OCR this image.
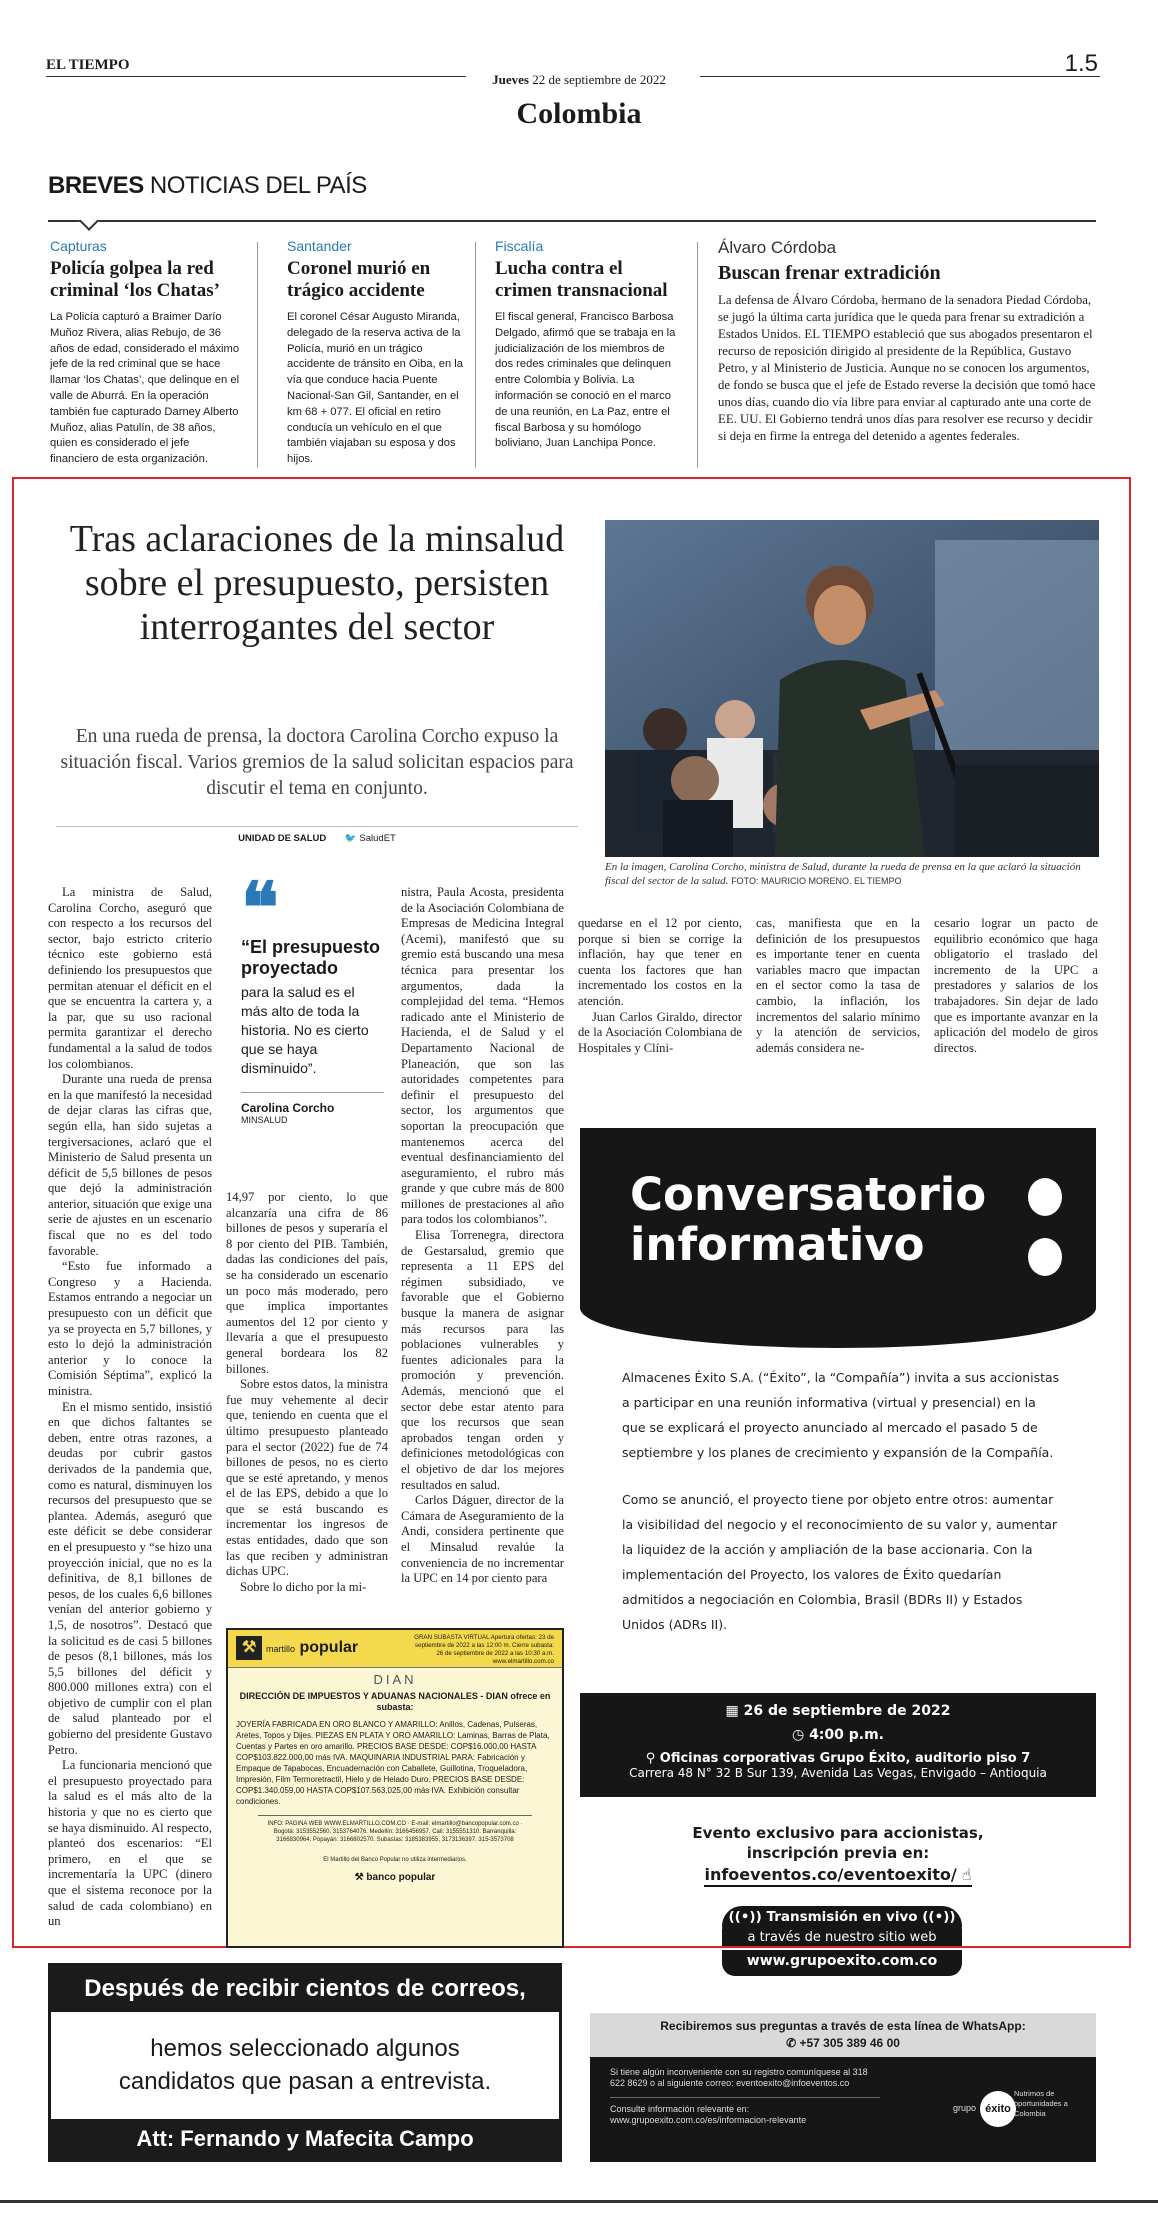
EL TIEMPO
Jueves 22 de septiembre de 2022
1.5
Colombia
BREVES NOTICIAS DEL PAÍS
Capturas
Policía golpea la red criminal ‘los Chatas’
La Policía capturó a Braimer Darío Muñoz Rivera, alias Rebujo, de 36 años de edad, considerado el máximo jefe de la red criminal que se hace llamar ‘los Chatas’, que delinque en el valle de Aburrá. En la operación también fue capturado Darney Alberto Muñoz, alias Patulín, de 38 años, quien es considerado el jefe financiero de esta organización.
Santander
Coronel murió en trágico accidente
El coronel César Augusto Miranda, delegado de la reserva activa de la Policía, murió en un trágico accidente de tránsito en Oiba, en la vía que conduce hacia Puente Nacional-San Gil, Santander, en el km 68 + 077. El oficial en retiro conducía un vehículo en el que también viajaban su esposa y dos hijos.
Fiscalía
Lucha contra el crimen transnacional
El fiscal general, Francisco Barbosa Delgado, afirmó que se trabaja en la judicialización de los miembros de dos redes criminales que delinquen entre Colombia y Bolivia. La información se conoció en el marco de una reunión, en La Paz, entre el fiscal Barbosa y su homólogo boliviano, Juan Lanchipa Ponce.
Álvaro Córdoba
Buscan frenar extradición
La defensa de Álvaro Córdoba, hermano de la senadora Piedad Córdoba, se jugó la última carta jurídica que le queda para frenar su extradición a Estados Unidos. EL TIEMPO estableció que sus abogados presentaron el recurso de reposición dirigido al presidente de la República, Gustavo Petro, y al Ministerio de Justicia. Aunque no se conocen los argumentos, de fondo se busca que el jefe de Estado reverse la decisión que tomó hace unos días, cuando dio vía libre para enviar al capturado ante una corte de EE. UU. El Gobierno tendrá unos días para resolver ese recurso y decidir si deja en firme la entrega del detenido a agentes federales.
Tras aclaraciones de la minsalud sobre el presupuesto, persisten interrogantes del sector
En una rueda de prensa, la doctora Carolina Corcho expuso la situación fiscal. Varios gremios de la salud solicitan espacios para discutir el tema en conjunto.
UNIDAD DE SALUD 🐦 SaludET
En la imagen, Carolina Corcho, ministra de Salud, durante la rueda de prensa en la que aclaró la situación fiscal del sector de la salud. FOTO: MAURICIO MORENO. EL TIEMPO

La ministra de Salud, Carolina Corcho, aseguró que con respecto a los recursos del sector, bajo estricto criterio técnico este gobierno está definiendo los presupuestos que permitan atenuar el déficit en el que se encuentra la cartera y, a la par, que su uso racional permita garantizar el derecho fundamental a la salud de todos los colombianos.

Durante una rueda de prensa en la que manifestó la necesidad de dejar claras las cifras que, según ella, han sido sujetas a tergiversaciones, aclaró que el Ministerio de Salud presenta un déficit de 5,5 billones de pesos que dejó la administración anterior, situación que exige una serie de ajustes en un escenario fiscal que no es del todo favorable.

“Esto fue informado a Congreso y a Hacienda. Estamos entrando a negociar un presupuesto con un déficit que ya se proyecta en 5,7 billones, y esto lo dejó la administración anterior y lo conoce la Comisión Séptima”, explicó la ministra.

En el mismo sentido, insistió en que dichos faltantes se deben, entre otras razones, a deudas por cubrir gastos derivados de la pandemia que, como es natural, disminuyen los recursos del presupuesto que se plantea. Además, aseguró que este déficit se debe considerar en el presupuesto y “se hizo una proyección inicial, que no es la definitiva, de 8,1 billones de pesos, de los cuales 6,6 billones venían del anterior gobierno y 1,5, de nosotros”. Destacó que la solicitud es de casi 5 billones de pesos (8,1 billones, más los 5,5 billones del déficit y 800.000 millones extra) con el objetivo de cumplir con el plan de salud planteado por el gobierno del presidente Gustavo Petro.

La funcionaria mencionó que el presupuesto proyectado para la salud es el más alto de la historia y que no es cierto que se haya disminuido. Al respecto, planteó dos escenarios: “El primero, en el que se incrementaría la UPC (dinero que el sistema reconoce por la salud de cada colombiano) en un

❝
“El presupuesto proyectado
para la salud es el más alto de toda la historia. No es cierto que se haya disminuido”.
Carolina Corcho
MINSALUD

14,97 por ciento, lo que alcanzaría una cifra de 86 billones de pesos y superaría el 8 por ciento del PIB. También, dadas las condiciones del país, se ha considerado un escenario un poco más moderado, pero que implica importantes aumentos del 12 por ciento y llevaría a que el presupuesto general bordeara los 82 billones.

Sobre estos datos, la ministra fue muy vehemente al decir que, teniendo en cuenta que el último presupuesto planteado para el sector (2022) fue de 74 billones de pesos, no es cierto que se esté apretando, y menos el de las EPS, debido a que lo que se está buscando es incrementar los ingresos de estas entidades, dado que son las que reciben y administran dichas UPC.

Sobre lo dicho por la mi-

nistra, Paula Acosta, presidenta de la Asociación Colombiana de Empresas de Medicina Integral (Acemi), manifestó que su gremio está buscando una mesa técnica para presentar los argumentos, dada la complejidad del tema. “Hemos radicado ante el Ministerio de Hacienda, el de Salud y el Departamento Nacional de Planeación, que son las autoridades competentes para definir el presupuesto del sector, los argumentos que soportan la preocupación que mantenemos acerca del eventual desfinanciamiento del aseguramiento, el rubro más grande y que cubre más de 800 millones de prestaciones al año para todos los colombianos”.

Elisa Torrenegra, directora de Gestarsalud, gremio que representa a 11 EPS del régimen subsidiado, ve favorable que el Gobierno busque la manera de asignar más recursos para las poblaciones vulnerables y fuentes adicionales para la promoción y prevención. Además, mencionó que el sector debe estar atento para que los recursos que sean aprobados tengan orden y definiciones metodológicas con el objetivo de dar los mejores resultados en salud.

Carlos Dáguer, director de la Cámara de Aseguramiento de la Andi, considera pertinente que el Minsalud revalúe la conveniencia de no incrementar la UPC en 14 por ciento para

quedarse en el 12 por ciento, porque si bien se corrige la inflación, hay que tener en cuenta los factores que han incrementado los costos en la atención.

Juan Carlos Giraldo, director de la Asociación Colombiana de Hospitales y Clíni-

cas, manifiesta que en la definición de los presupuestos es importante tener en cuenta variables macro que impactan en el sector como la tasa de cambio, la inflación, los incrementos del salario mínimo y la atención de servicios, además considera ne-

cesario lograr un pacto de equilibrio económico que haga obligatorio el traslado del incremento de la UPC a prestadores y salarios de los trabajadores. Sin dejar de lado que es importante avanzar en la aplicación del modelo de giros directos.

⚒ martillo popular
GRAN SUBASTA VIRTUAL Apertura ofertas: 23 de septiembre de 2022 a las 12:00 m. Cierre subasta: 26 de septiembre de 2022 a las 10:30 a.m. www.elmartillo.com.co
DIAN
DIRECCIÓN DE IMPUESTOS Y ADUANAS NACIONALES - DIAN ofrece en subasta:
JOYERÍA FABRICADA EN ORO BLANCO Y AMARILLO: Anillos, Cadenas, Pulseras, Aretes, Topos y Dijes. PIEZAS EN PLATA Y ORO AMARILLO: Laminas, Barras de Plata, Cuentas y Partes en oro amarillo. PRECIOS BASE DESDE: COP$16.000,00 HASTA COP$103.822.000,00 más IVA. MAQUINARIA INDUSTRIAL PARA: Fabricación y Empaque de Tapabocas, Encuadernación con Caballete, Guillotina, Troqueladora, Impresión, Film Termoretractil, Hielo y de Helado Duro. PRECIOS BASE DESDE: COP$1.340.059,00 HASTA COP$107.563.025,00 más IVA. Exhibición consultar condiciones.
INFO: PAGINA WEB WWW.ELMARTILLO.COM.CO · E-mail: elmartillo@bancopopular.com.co · Bogotá: 3153552560, 3153764076. Medellín: 3166456957. Cali: 3155551310. Barranquilla: 3166830964. Popayán: 3166802570. Subastas: 3185383955, 3173136397. 315-3573708
El Martillo del Banco Popular no utiliza intermediarios.
⚒ banco popular
Conversatorio informativo
Almacenes Éxito S.A. (“Éxito”, la “Compañía”) invita a sus accionistas a participar en una reunión informativa (virtual y presencial) en la que se explicará el proyecto anunciado al mercado el pasado 5 de septiembre y los planes de crecimiento y expansión de la Compañía.
Como se anunció, el proyecto tiene por objeto entre otros: aumentar la visibilidad del negocio y el reconocimiento de su valor y, aumentar la liquidez de la acción y ampliación de la base accionaria. Con la implementación del Proyecto, los valores de Éxito quedarían admitidos a negociación en Colombia, Brasil (BDRs II) y Estados Unidos (ADRs II).
▦ 26 de septiembre de 2022
◷ 4:00 p.m.
⚲ Oficinas corporativas Grupo Éxito, auditorio piso 7
Carrera 48 N° 32 B Sur 139, Avenida Las Vegas, Envigado – Antioquia
Evento exclusivo para accionistas,
inscripción previa en:
infoeventos.co/eventoexito/ ☝
((•)) Transmisión en vivo ((•))
a través de nuestro sitio web
www.grupoexito.com.co
Después de recibir cientos de correos,
hemos seleccionado algunos candidatos que pasan a entrevista.
Att: Fernando y Mafecita Campo
Recibiremos sus preguntas a través de esta línea de WhatsApp:
✆ +57 305 389 46 00
Si tiene algún inconveniente con su registro comuníquese al 318 622 8629 o al siguiente correo: eventoexito@infoeventos.co
Consulte información relevante en: www.grupoexito.com.co/es/informacion-relevante
grupo éxito
Nutrimos de oportunidades a Colombia
